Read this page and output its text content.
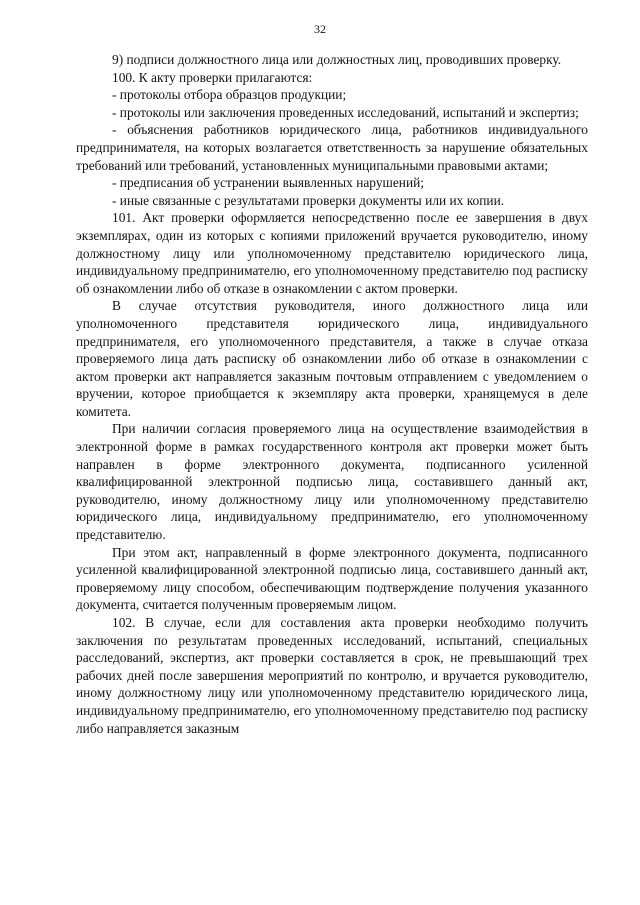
32

9) подписи должностного лица или должностных лиц, проводивших проверку.

100. К акту проверки прилагаются:

- протоколы отбора образцов продукции;

- протоколы или заключения проведенных исследований, испытаний и экспертиз;

- объяснения работников юридического лица, работников индивидуального предпринимателя, на которых возлагается ответственность за нарушение обязательных требований или требований, установленных муниципальными правовыми актами;

- предписания об устранении выявленных нарушений;

- иные связанные с результатами проверки документы или их копии.

101. Акт проверки оформляется непосредственно после ее завершения в двух экземплярах, один из которых с копиями приложений вручается руководителю, иному должностному лицу или уполномоченному представителю юридического лица, индивидуальному предпринимателю, его уполномоченному представителю под расписку об ознакомлении либо об отказе в ознакомлении с актом проверки.

В случае отсутствия руководителя, иного должностного лица или уполномоченного представителя юридического лица, индивидуального предпринимателя, его уполномоченного представителя, а также в случае отказа проверяемого лица дать расписку об ознакомлении либо об отказе в ознакомлении с актом проверки акт направляется заказным почтовым отправлением с уведомлением о вручении, которое приобщается к экземпляру акта проверки, хранящемуся в деле комитета.

При наличии согласия проверяемого лица на осуществление взаимодействия в электронной форме в рамках государственного контроля акт проверки может быть направлен в форме электронного документа, подписанного усиленной квалифицированной электронной подписью лица, составившего данный акт, руководителю, иному должностному лицу или уполномоченному представителю юридического лица, индивидуальному предпринимателю, его уполномоченному представителю.

При этом акт, направленный в форме электронного документа, подписанного усиленной квалифицированной электронной подписью лица, составившего данный акт, проверяемому лицу способом, обеспечивающим подтверждение получения указанного документа, считается полученным проверяемым лицом.

102. В случае, если для составления акта проверки необходимо получить заключения по результатам проведенных исследований, испытаний, специальных расследований, экспертиз, акт проверки составляется в срок, не превышающий трех рабочих дней после завершения мероприятий по контролю, и вручается руководителю, иному должностному лицу или уполномоченному представителю юридического лица, индивидуальному предпринимателю, его уполномоченному представителю под расписку либо направляется заказным
